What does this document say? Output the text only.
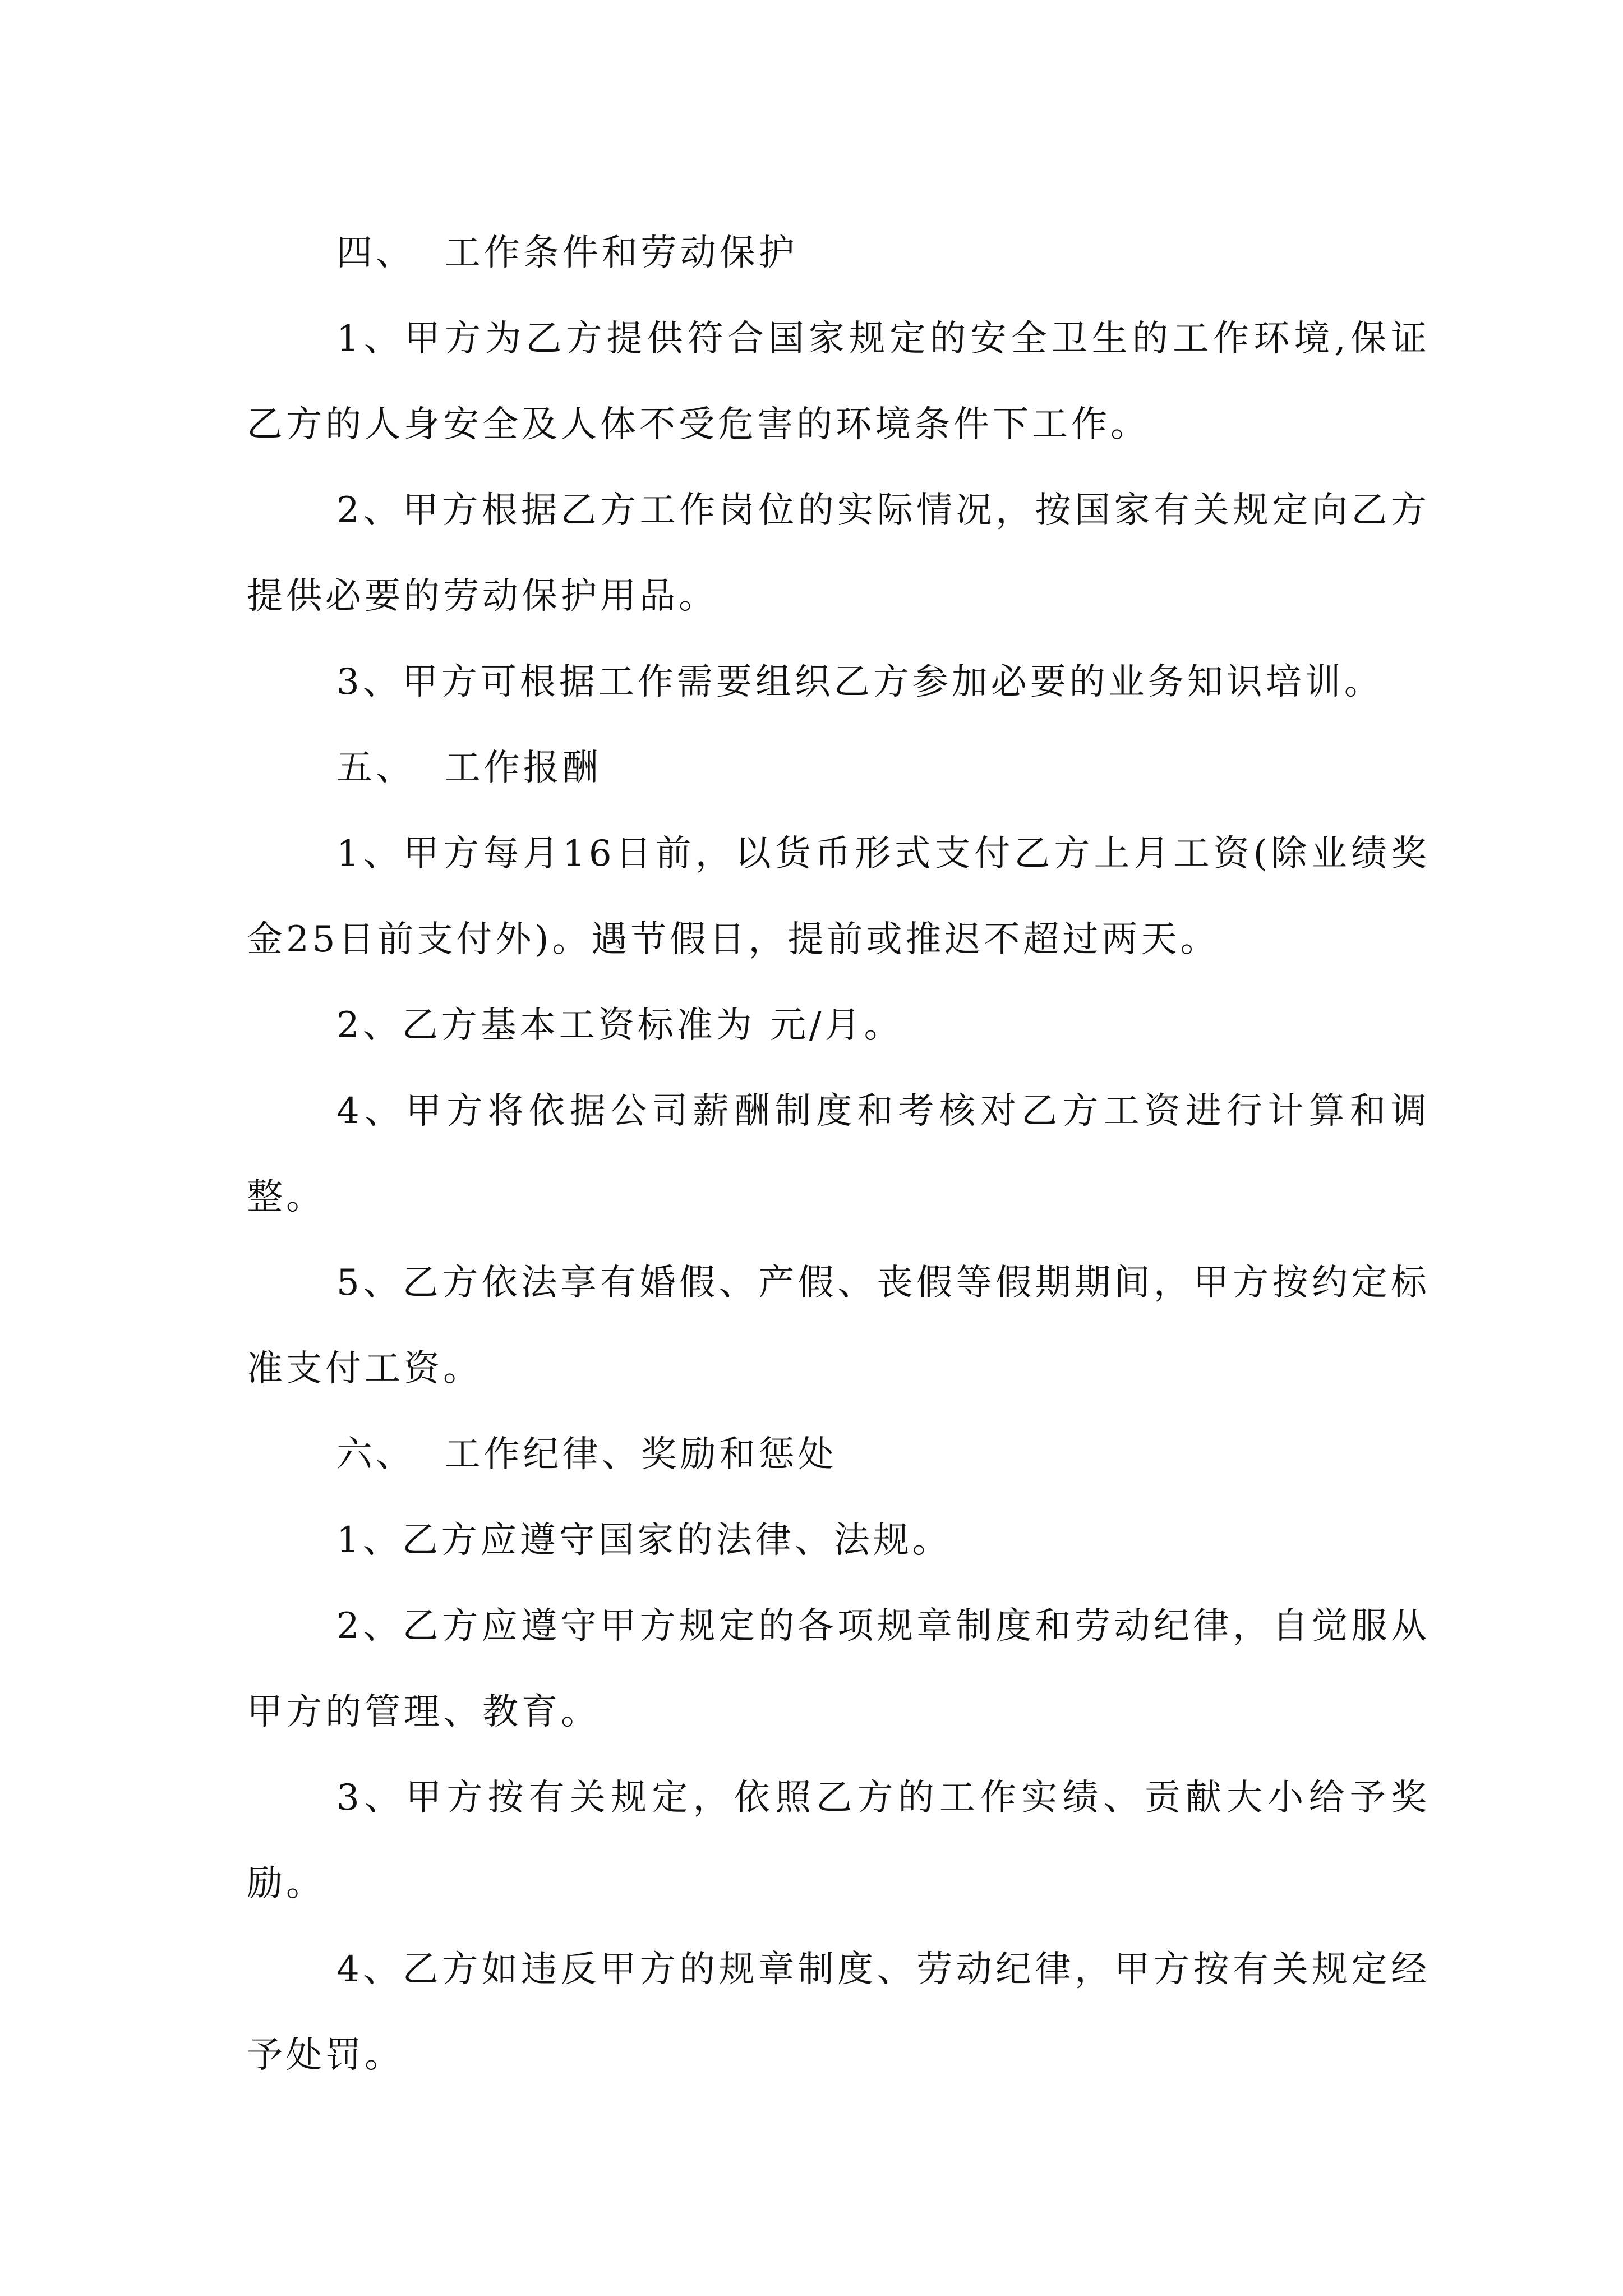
四、  工作条件和劳动保护

1、甲方为乙方提供符合国家规定的安全卫生的工作环境,保证乙方的人身安全及人体不受危害的环境条件下工作。

2、甲方根据乙方工作岗位的实际情况，按国家有关规定向乙方提供必要的劳动保护用品。

3、甲方可根据工作需要组织乙方参加必要的业务知识培训。

五、  工作报酬

1、甲方每月16日前，以货币形式支付乙方上月工资(除业绩奖金25日前支付外)。遇节假日，提前或推迟不超过两天。

2、乙方基本工资标准为 元/月。

4、甲方将依据公司薪酬制度和考核对乙方工资进行计算和调整。

5、乙方依法享有婚假、产假、丧假等假期期间，甲方按约定标准支付工资。

六、  工作纪律、奖励和惩处

1、乙方应遵守国家的法律、法规。

2、乙方应遵守甲方规定的各项规章制度和劳动纪律，自觉服从甲方的管理、教育。

3、甲方按有关规定，依照乙方的工作实绩、贡献大小给予奖励。

4、乙方如违反甲方的规章制度、劳动纪律，甲方按有关规定经予处罚。
